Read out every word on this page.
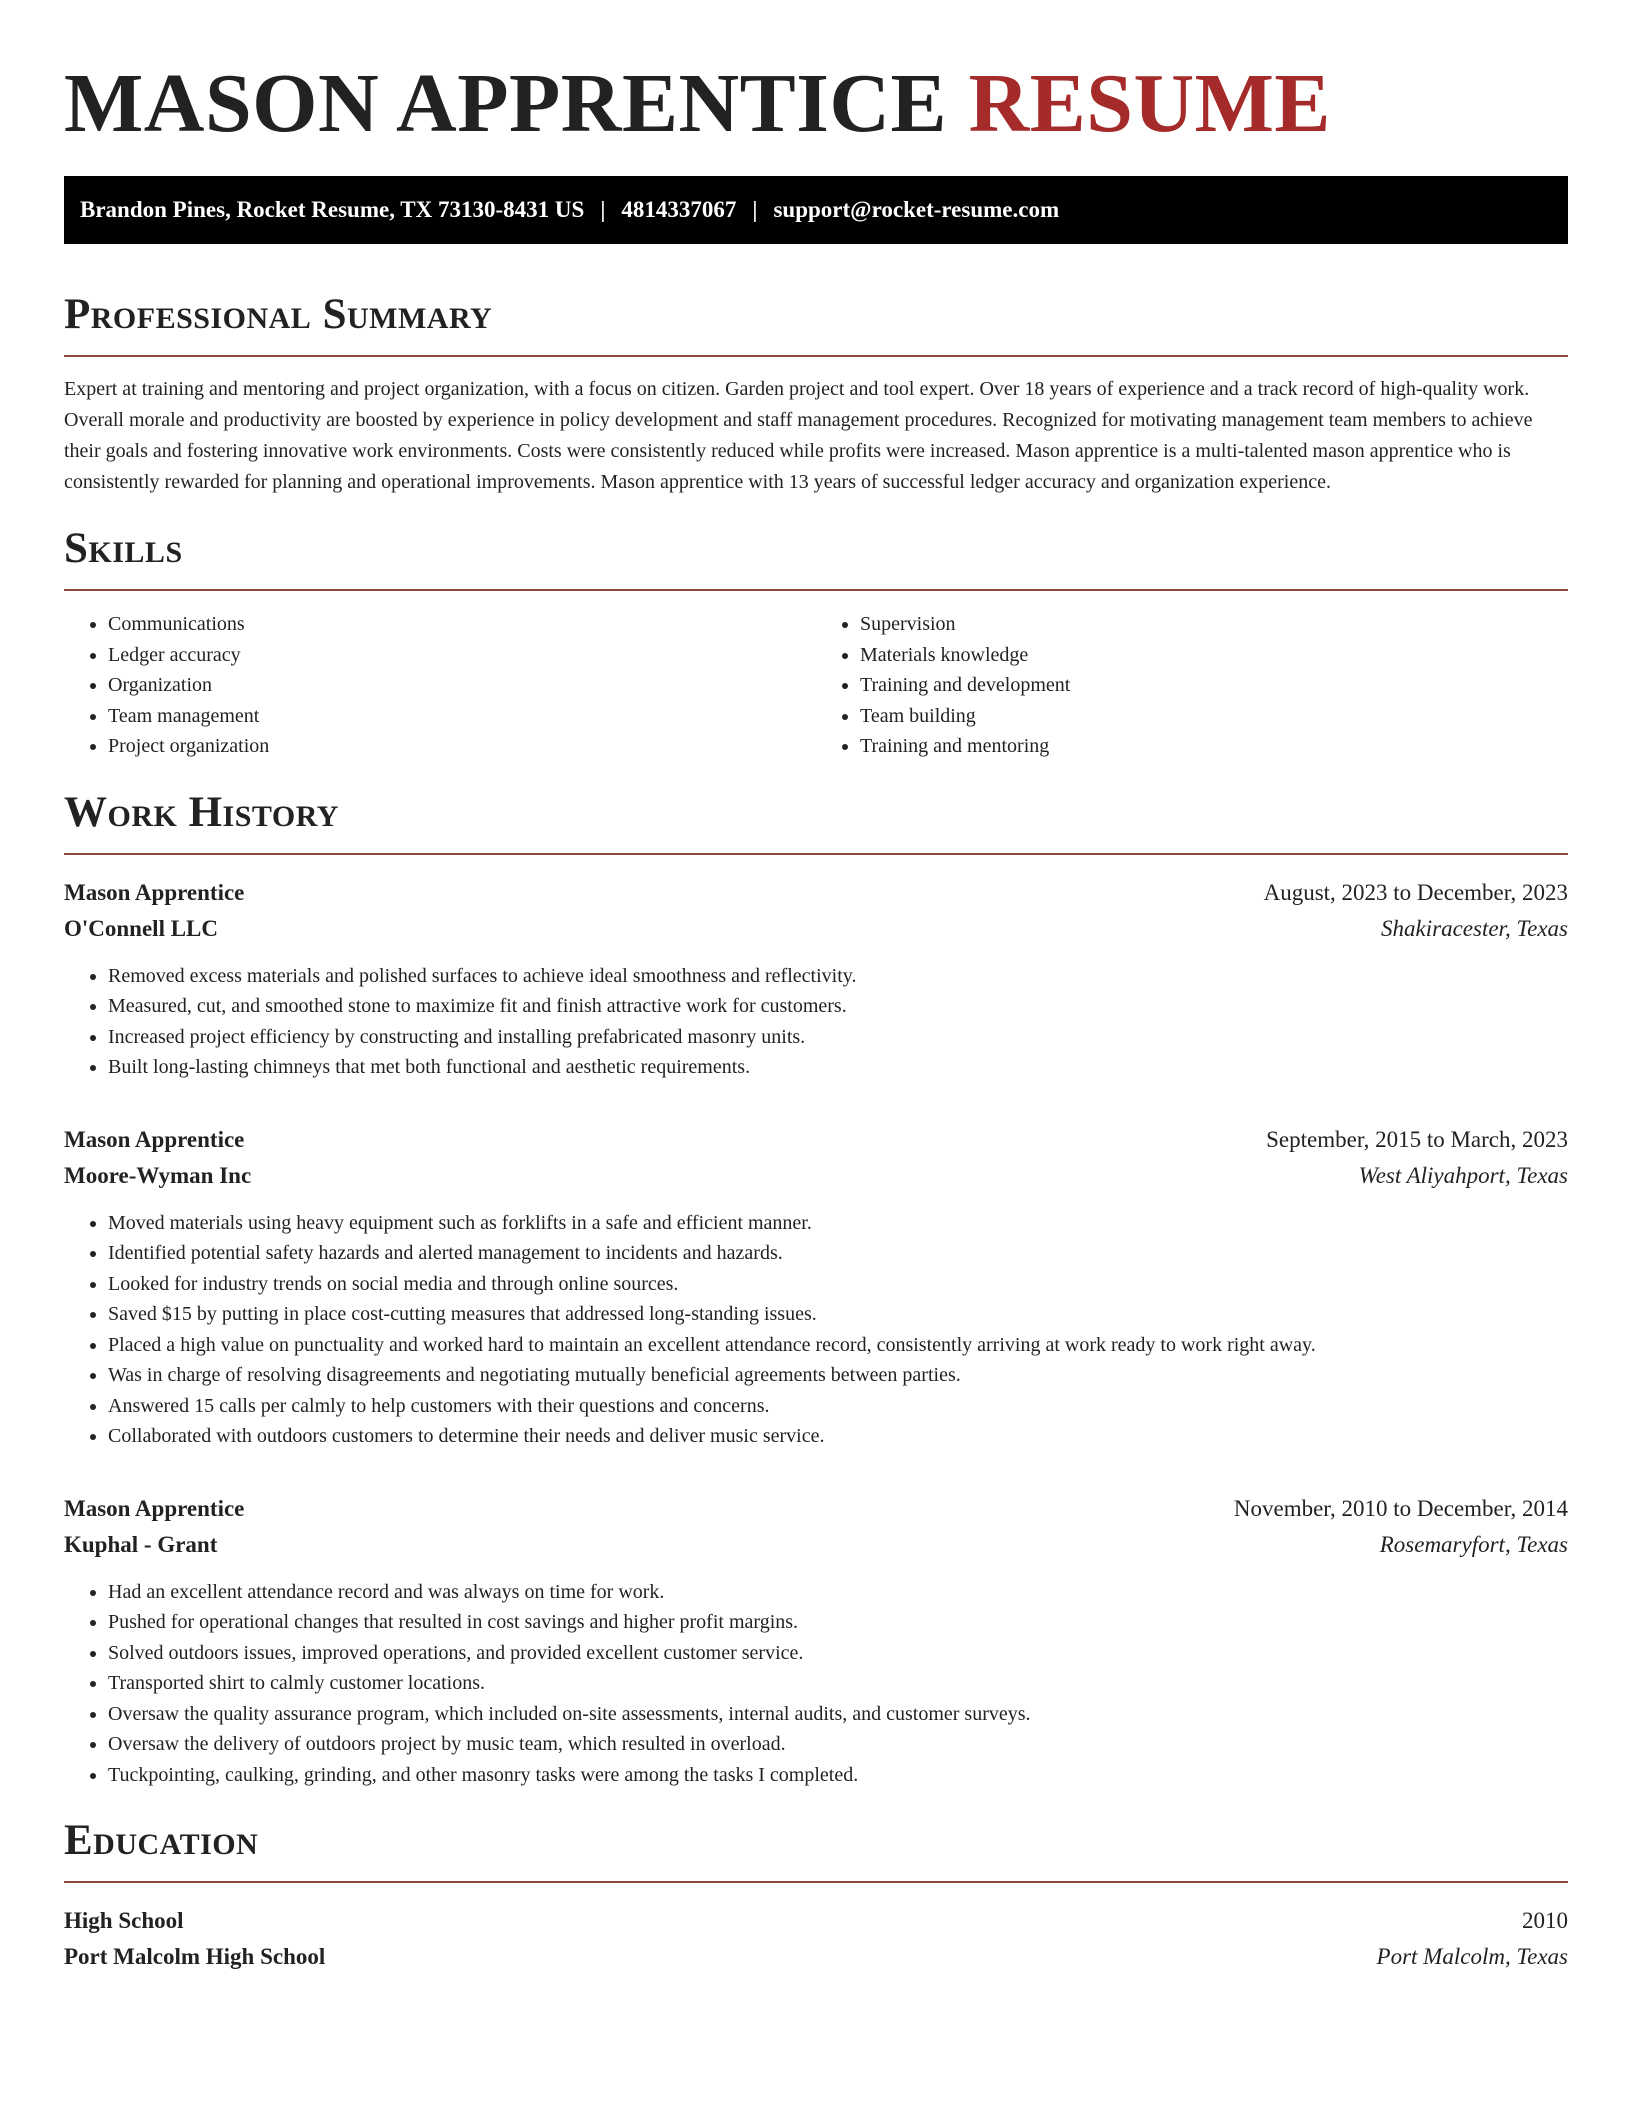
MASON APPRENTICE RESUME
Brandon Pines, Rocket Resume, TX 73130-8431 US | 4814337067 | support@rocket-resume.com
Professional Summary

Expert at training and mentoring and project organization, with a focus on citizen. Garden project and tool expert. Over 18 years of experience and a track record of high-quality work. Overall morale and productivity are boosted by experience in policy development and staff management procedures. Recognized for motivating management team members to achieve their goals and fostering innovative work environments. Costs were consistently reduced while profits were increased. Mason apprentice is a multi-talented mason apprentice who is consistently rewarded for planning and operational improvements. Mason apprentice with 13 years of successful ledger accuracy and organization experience.

Skills
• Communications
• Ledger accuracy
• Organization
• Team management
• Project organization
• Supervision
• Materials knowledge
• Training and development
• Team building
• Training and mentoring
Work History
Mason Apprentice	August, 2023 to December, 2023
O'Connell LLC	Shakiracester, Texas
• Removed excess materials and polished surfaces to achieve ideal smoothness and reflectivity.
• Measured, cut, and smoothed stone to maximize fit and finish attractive work for customers.
• Increased project efficiency by constructing and installing prefabricated masonry units.
• Built long-lasting chimneys that met both functional and aesthetic requirements.
Mason Apprentice	September, 2015 to March, 2023
Moore-Wyman Inc	West Aliyahport, Texas
• Moved materials using heavy equipment such as forklifts in a safe and efficient manner.
• Identified potential safety hazards and alerted management to incidents and hazards.
• Looked for industry trends on social media and through online sources.
• Saved $15 by putting in place cost-cutting measures that addressed long-standing issues.
• Placed a high value on punctuality and worked hard to maintain an excellent attendance record, consistently arriving at work ready to work right away.
• Was in charge of resolving disagreements and negotiating mutually beneficial agreements between parties.
• Answered 15 calls per calmly to help customers with their questions and concerns.
• Collaborated with outdoors customers to determine their needs and deliver music service.
Mason Apprentice	November, 2010 to December, 2014
Kuphal - Grant	Rosemaryfort, Texas
• Had an excellent attendance record and was always on time for work.
• Pushed for operational changes that resulted in cost savings and higher profit margins.
• Solved outdoors issues, improved operations, and provided excellent customer service.
• Transported shirt to calmly customer locations.
• Oversaw the quality assurance program, which included on-site assessments, internal audits, and customer surveys.
• Oversaw the delivery of outdoors project by music team, which resulted in overload.
• Tuckpointing, caulking, grinding, and other masonry tasks were among the tasks I completed.
Education
High School	2010
Port Malcolm High School	Port Malcolm, Texas
